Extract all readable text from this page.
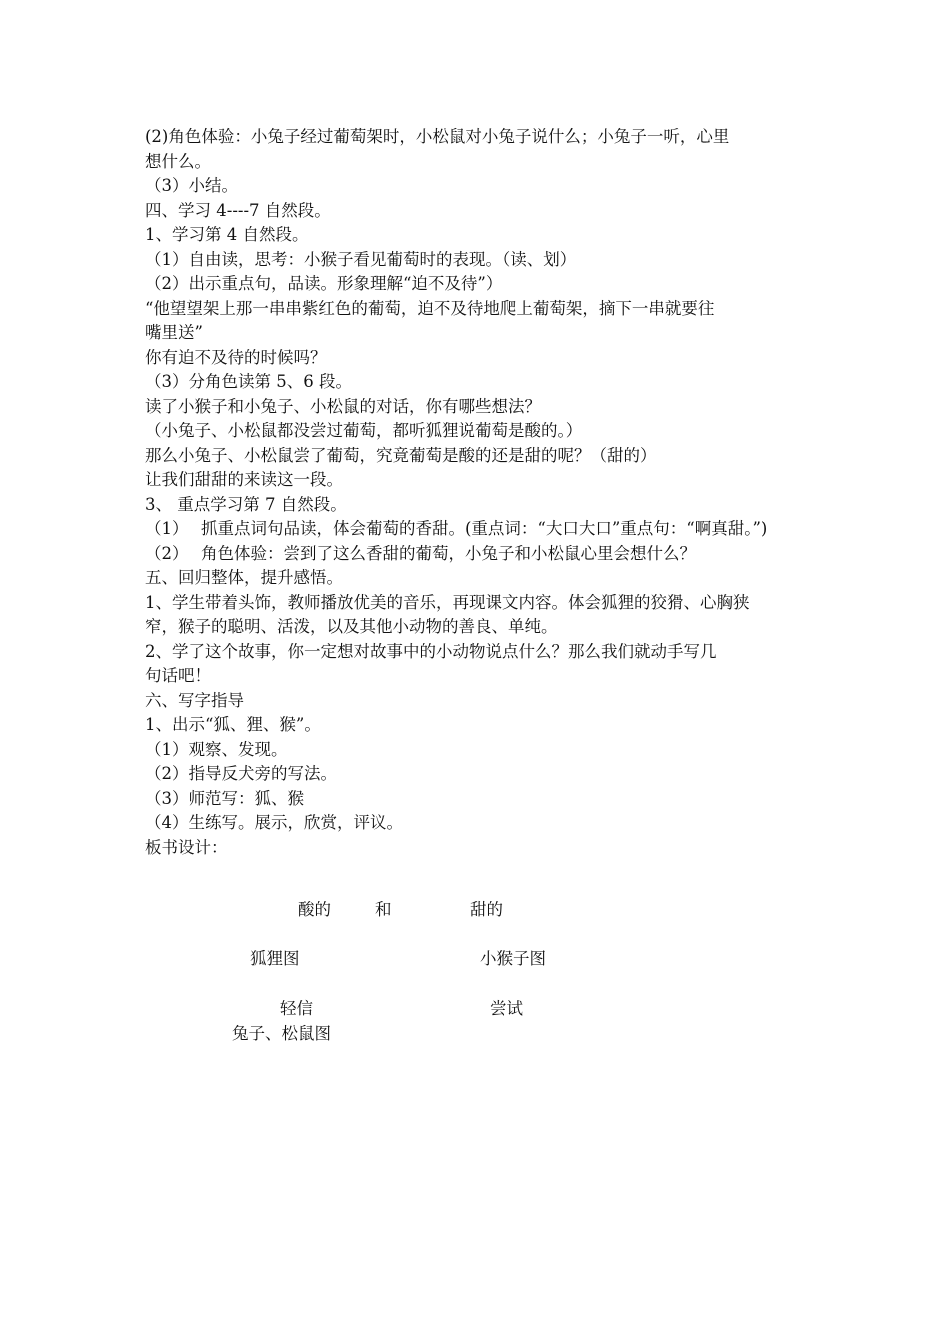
(2)角色体验：小兔子经过葡萄架时，小松鼠对小兔子说什么；小兔子一听，心里

想什么。

（3）小结。

四、学习 4----7 自然段。

1、学习第 4 自然段。

（1）自由读，思考：小猴子看见葡萄时的表现。（读、划）

（2）出示重点句，品读。形象理解“迫不及待”）

“他望望架上那一串串紫红色的葡萄，迫不及待地爬上葡萄架，摘下一串就要往

嘴里送”

你有迫不及待的时候吗？

（3）分角色读第 5、6 段。

读了小猴子和小兔子、小松鼠的对话，你有哪些想法？

（小兔子、小松鼠都没尝过葡萄，都听狐狸说葡萄是酸的。）

那么小兔子、小松鼠尝了葡萄，究竟葡萄是酸的还是甜的呢？（甜的）

让我们甜甜的来读这一段。

3、 重点学习第 7 自然段。

（1） 抓重点词句品读，体会葡萄的香甜。(重点词：“大口大口”重点句：“啊真甜。”)
（2） 角色体验：尝到了这么香甜的葡萄，小兔子和小松鼠心里会想什么？

五、回归整体，提升感悟。

1、学生带着头饰，教师播放优美的音乐，再现课文内容。体会狐狸的狡猾、心胸狭

窄，猴子的聪明、活泼，以及其他小动物的善良、单纯。

2、学了这个故事，你一定想对故事中的小动物说点什么？那么我们就动手写几

句话吧！

六、写字指导

1、出示“狐、狸、猴”。

（1）观察、发现。

（2）指导反犬旁的写法。

（3）师范写：狐、猴

（4）生练写。展示，欣赏，评议。

板书设计：

酸的	和	甜的
狐狸图	小猴子图
轻信	尝试
兔子、松鼠图
